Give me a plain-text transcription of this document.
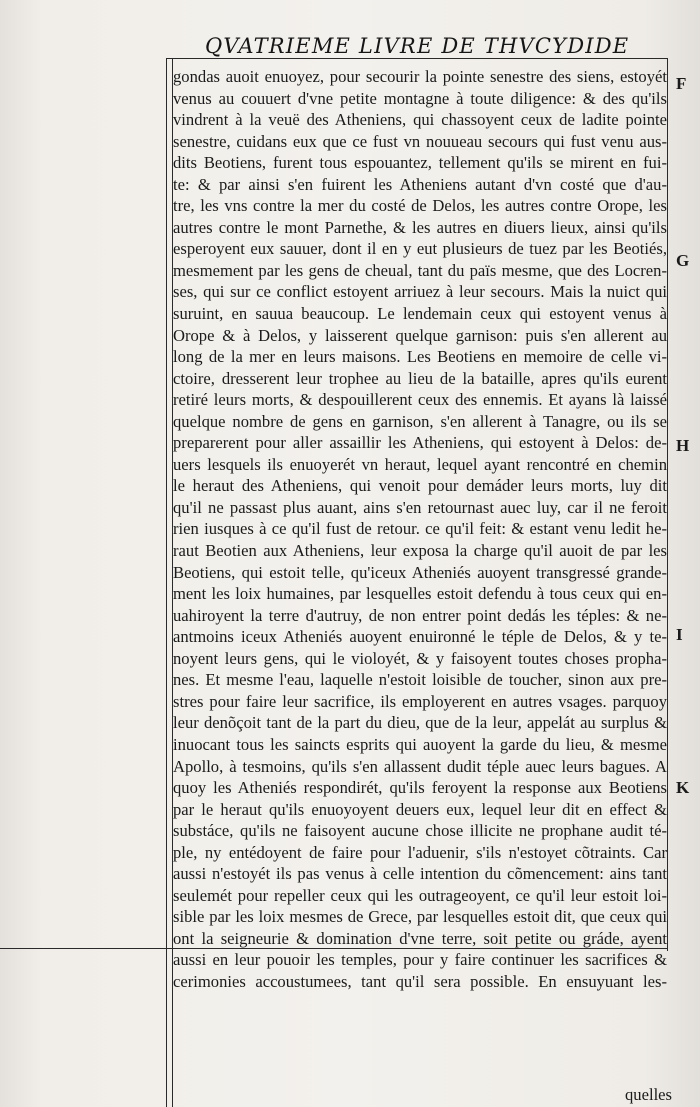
QVATRIEME LIVRE DE THVCYDIDE
gondas auoit enuoyez, pour secourir la pointe senestre des siens, estoyét
venus au couuert d'vne petite montagne à toute diligence: & des qu'ils
vindrent à la veuë des Atheniens, qui chassoyent ceux de ladite pointe
senestre, cuidans eux que ce fust vn nouueau secours qui fust venu aus-
dits Beotiens, furent tous espouantez, tellement qu'ils se mirent en fui-
te: & par ainsi s'en fuirent les Atheniens autant d'vn costé que d'au-
tre, les vns contre la mer du costé de Delos, les autres contre Orope, les
autres contre le mont Parnethe, & les autres en diuers lieux, ainsi qu'ils
esperoyent eux sauuer, dont il en y eut plusieurs de tuez par les Beotiés,
mesmement par les gens de cheual, tant du païs mesme, que des Locren-
ses, qui sur ce conflict estoyent arriuez à leur secours. Mais la nuict qui
suruint, en sauua beaucoup. Le lendemain ceux qui estoyent venus à
Orope & à Delos, y laisserent quelque garnison: puis s'en allerent au
long de la mer en leurs maisons. Les Beotiens en memoire de celle vi-
ctoire, dresserent leur trophee au lieu de la bataille, apres qu'ils eurent
retiré leurs morts, & despouillerent ceux des ennemis. Et ayans là laissé
quelque nombre de gens en garnison, s'en allerent à Tanagre, ou ils se
preparerent pour aller assaillir les Atheniens, qui estoyent à Delos: de-
uers lesquels ils enuoyerét vn heraut, lequel ayant rencontré en chemin
le heraut des Atheniens, qui venoit pour demáder leurs morts, luy dit
qu'il ne passast plus auant, ains s'en retournast auec luy, car il ne feroit
rien iusques à ce qu'il fust de retour. ce qu'il feit: & estant venu ledit he-
raut Beotien aux Atheniens, leur exposa la charge qu'il auoit de par les
Beotiens, qui estoit telle, qu'iceux Atheniés auoyent transgressé grande-
ment les loix humaines, par lesquelles estoit defendu à tous ceux qui en-
uahiroyent la terre d'autruy, de non entrer point dedás les téples: & ne-
antmoins iceux Atheniés auoyent enuironné le téple de Delos, & y te-
noyent leurs gens, qui le violoyét, & y faisoyent toutes choses propha-
nes. Et mesme l'eau, laquelle n'estoit loisible de toucher, sinon aux pre-
stres pour faire leur sacrifice, ils employerent en autres vsages. parquoy
leur denõçoit tant de la part du dieu, que de la leur, appelát au surplus &
inuocant tous les saincts esprits qui auoyent la garde du lieu, & mesme
Apollo, à tesmoins, qu'ils s'en allassent dudit téple auec leurs bagues. A
quoy les Atheniés respondirét, qu'ils feroyent la response aux Beotiens
par le heraut qu'ils enuoyoyent deuers eux, lequel leur dit en effect &
substáce, qu'ils ne faisoyent aucune chose illicite ne prophane audit té-
ple, ny entédoyent de faire pour l'aduenir, s'ils n'estoyet cõtraints. Car
aussi n'estoyét ils pas venus à celle intention du cõmencement: ains tant
seulemét pour repeller ceux qui les outrageoyent, ce qu'il leur estoit loi-
sible par les loix mesmes de Grece, par lesquelles estoit dit, que ceux qui
ont la seigneurie & domination d'vne terre, soit petite ou gráde, ayent
aussi en leur pouoir les temples, pour y faire continuer les sacrifices &
cerimonies accoustumees, tant qu'il sera possible. En ensuyuant les-
quelles
F
G
H
I
K
